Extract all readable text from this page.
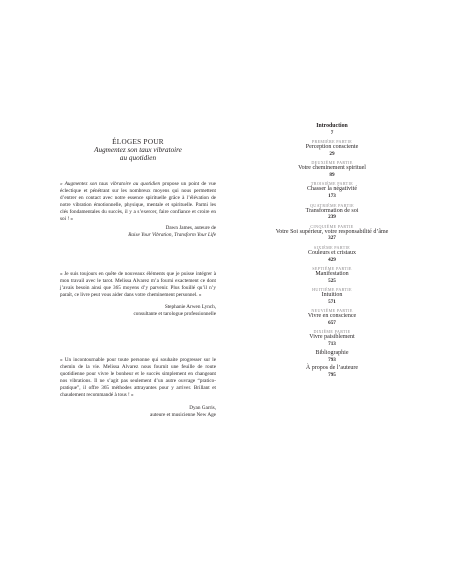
ÉLOGES POUR
Augmentez son taux vibratoire
au quotidien

« Augmentez son taux vibratoire au quotidien propose un point de vue éclectique et pénétrant sur les nombreux moyens qui nous permettent d’entrer en contact avec notre essence spirituelle grâce à l’élévation de notre vibration émotionnelle, physique, mentale et spirituelle. Parmi les clés fondamentales du succès, il y a s’exercer, faire confiance et croire en soi ! »

Dawn James, auteure de
Raise Your Vibration, Transform Your Life

« Je suis toujours en quête de nouveaux éléments que je puisse intégrer à mon travail avec le tarot. Melissa Alvarez m’a fourni exactement ce dont j’avais besoin ainsi que 365 moyens d’y parvenir. Plus fouillé qu’il n’y paraît, ce livre peut vous aider dans votre cheminement personnel. »

Stephanie Arwen Lynch,
consultante et tarologue professionnelle

« Un incontournable pour toute personne qui souhaite progresser sur le chemin de la vie. Melissa Alvarez nous fournit une feuille de route quotidienne pour vivre le bonheur et le succès simplement en changeant nos vibrations. Il ne s’agit pas seulement d’un autre ouvrage “pratico-pratique”, il offre 365 méthodes attrayantes pour y arriver. Brillant et chaudement recommandé à tous ! »

Dyan Garris,
auteure et musicienne New Age
Introduction
7
PREMIÈRE PARTIE
Perception consciente
29
DEUXIÈME PARTIE
Votre cheminement spirituel
89
TROISIÈME PARTIE
Chasser la négativité
173
QUATRIÈME PARTIE
Transformation de soi
239
CINQUIÈME PARTIE
Votre Soi supérieur, votre responsabilité d’âme
327
SIXIÈME PARTIE
Couleurs et cristaux
429
SEPTIÈME PARTIE
Manifestation
525
HUITIÈME PARTIE
Intuition
571
NEUVIÈME PARTIE
Vivre en conscience
657
DIXIÈME PARTIE
Vivre paisiblement
713
Bibliographie
793
À propos de l’auteure
795
